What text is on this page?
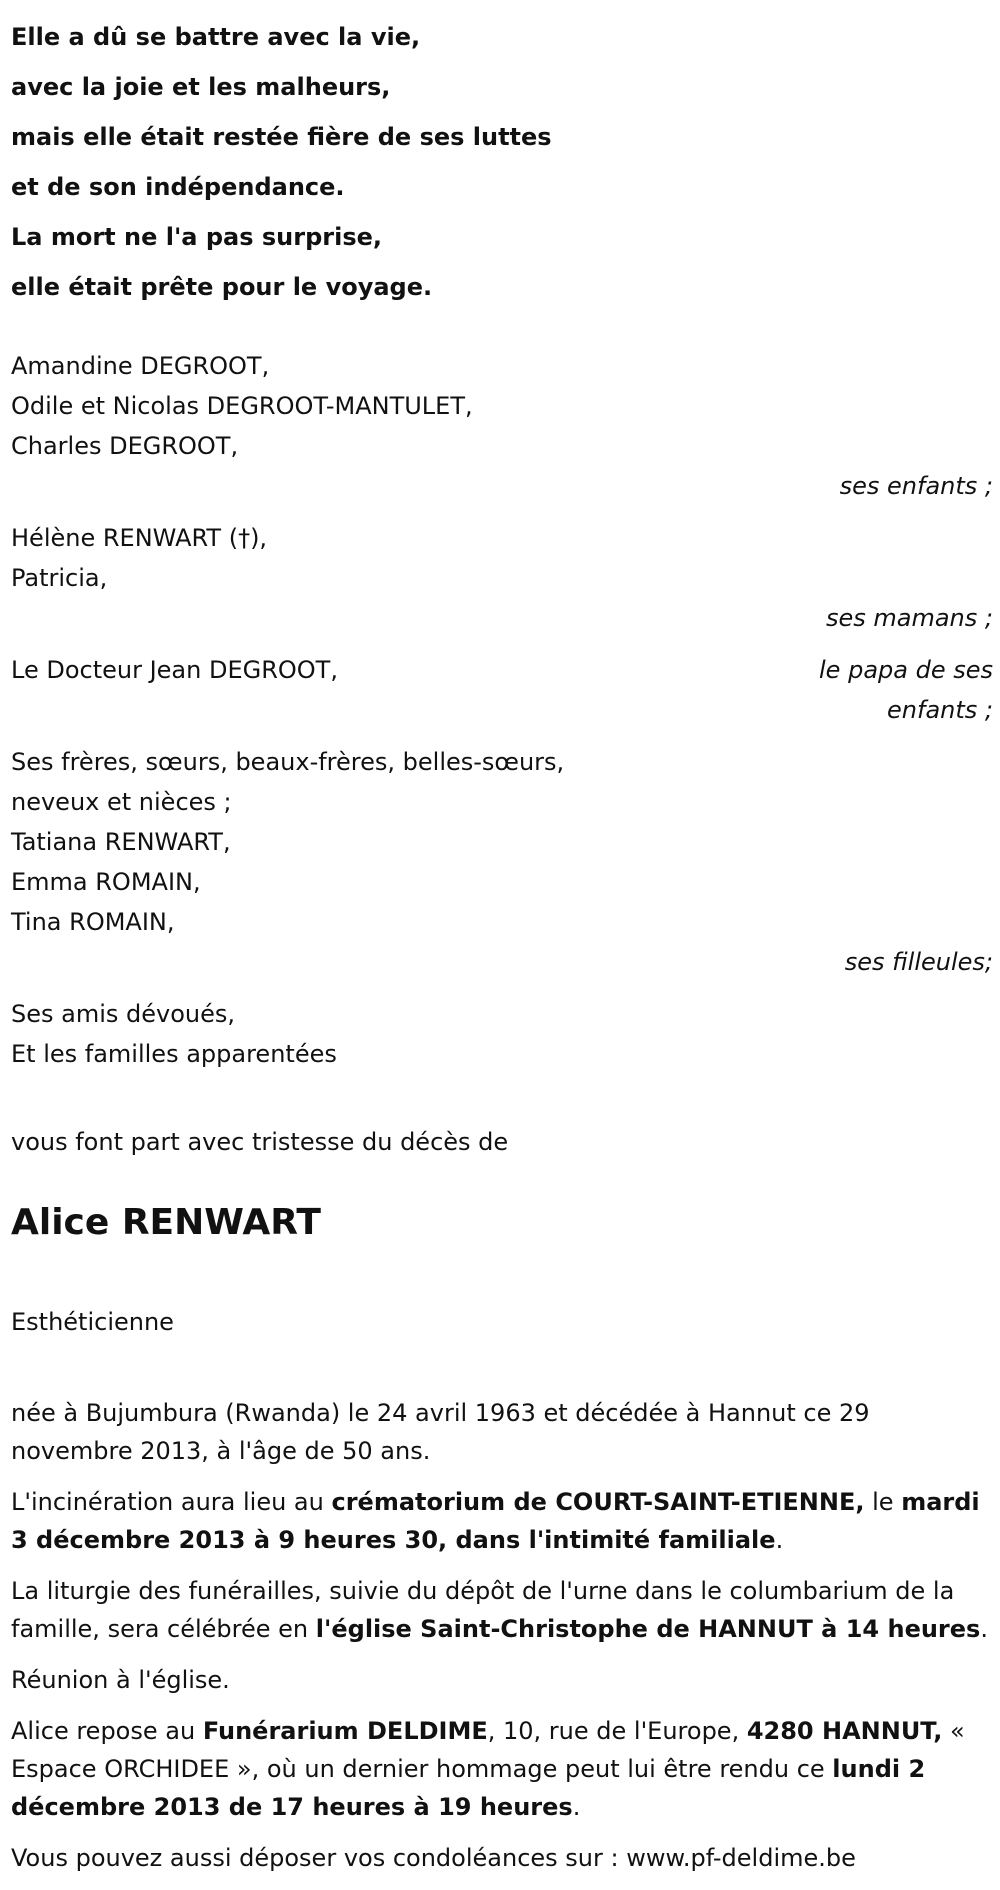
Elle a dû se battre avec la vie,
avec la joie et les malheurs,
mais elle était restée fière de ses luttes
et de son indépendance.
La mort ne l'a pas surprise,
elle était prête pour le voyage.
Amandine DEGROOT,
Odile et Nicolas DEGROOT-MANTULET,
Charles DEGROOT,
ses enfants ;
Hélène RENWART (†),
Patricia,
ses mamans ;
Le Docteur Jean DEGROOT,	le papa de ses
enfants ;
Ses frères, sœurs, beaux-frères, belles-sœurs,
neveux et nièces ;
Tatiana RENWART,
Emma ROMAIN,
Tina ROMAIN,
ses filleules;
Ses amis dévoués,
Et les familles apparentées
vous font part avec tristesse du décès de
Alice RENWART
Esthéticienne
née à Bujumbura (Rwanda) le 24 avril 1963 et décédée à Hannut ce 29 novembre 2013, à l'âge de 50 ans.
L'incinération aura lieu au crématorium de COURT-SAINT-ETIENNE, le mardi 3 décembre 2013 à 9 heures 30, dans l'intimité familiale.
La liturgie des funérailles, suivie du dépôt de l'urne dans le columbarium de la famille, sera célébrée en l'église Saint-Christophe de HANNUT à 14 heures.
Réunion à l'église.
Alice repose au Funérarium DELDIME, 10, rue de l'Europe, 4280 HANNUT, « Espace ORCHIDEE », où un dernier hommage peut lui être rendu ce lundi 2 décembre 2013 de 17 heures à 19 heures.
Vous pouvez aussi déposer vos condoléances sur : www.pf-deldime.be
